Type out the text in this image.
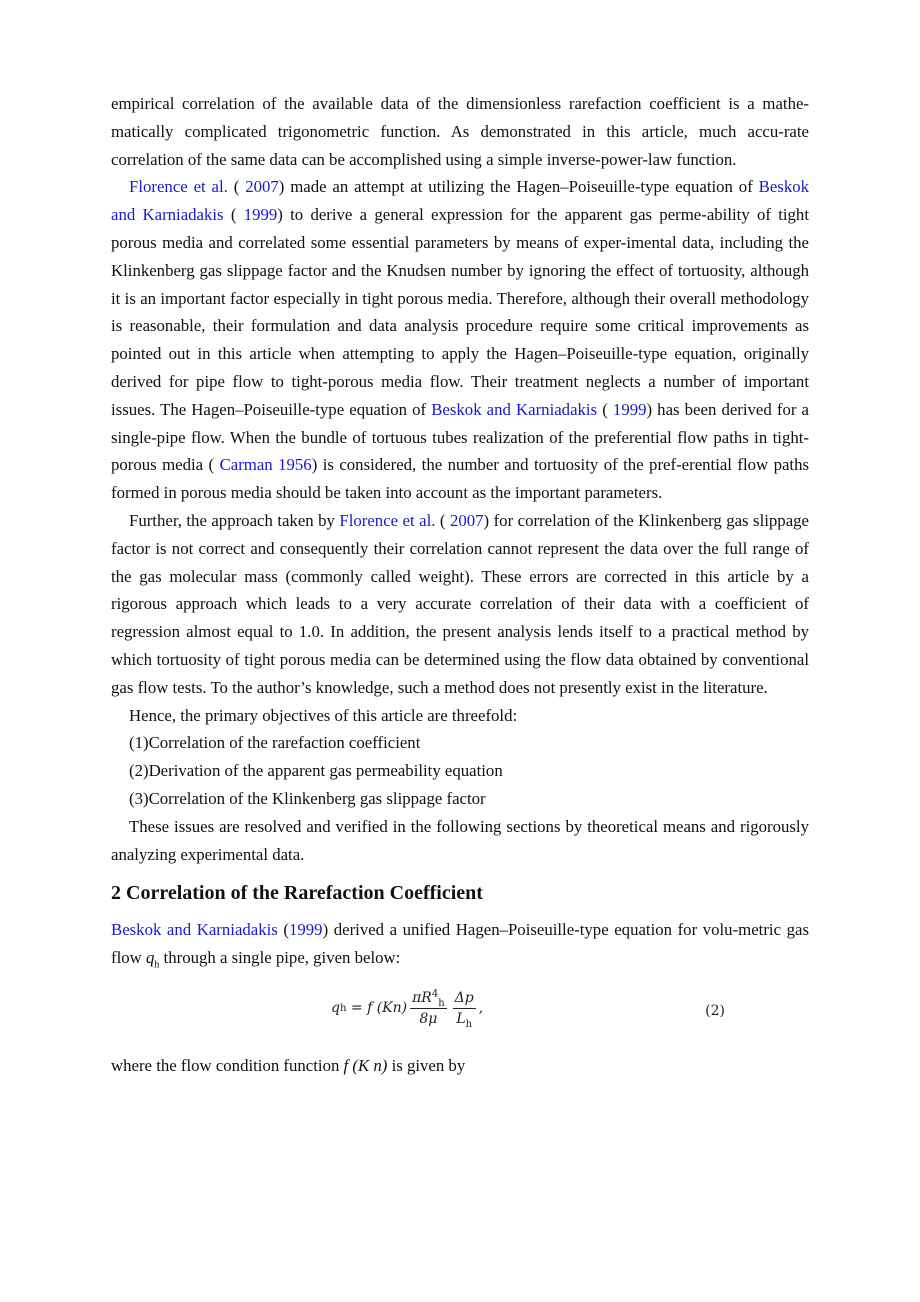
empirical correlation of the available data of the dimensionless rarefaction coefficient is a mathe-matically complicated trigonometric function. As demonstrated in this article, much accu-rate correlation of the same data can be accomplished using a simple inverse-power-law function.

Florence et al. ( 2007) made an attempt at utilizing the Hagen–Poiseuille-type equation of Beskok and Karniadakis ( 1999) to derive a general expression for the apparent gas perme-ability of tight porous media and correlated some essential parameters by means of exper-imental data, including the Klinkenberg gas slippage factor and the Knudsen number by ignoring the effect of tortuosity, although it is an important factor especially in tight porous media. Therefore, although their overall methodology is reasonable, their formulation and data analysis procedure require some critical improvements as pointed out in this article when attempting to apply the Hagen–Poiseuille-type equation, originally derived for pipe flow to tight-porous media flow. Their treatment neglects a number of important issues. The Hagen–Poiseuille-type equation of Beskok and Karniadakis ( 1999) has been derived for a single-pipe flow. When the bundle of tortuous tubes realization of the preferential flow paths in tight-porous media ( Carman 1956) is considered, the number and tortuosity of the pref-erential flow paths formed in porous media should be taken into account as the important parameters.

Further, the approach taken by Florence et al. ( 2007) for correlation of the Klinkenberg gas slippage factor is not correct and consequently their correlation cannot represent the data over the full range of the gas molecular mass (commonly called weight). These errors are corrected in this article by a rigorous approach which leads to a very accurate correlation of their data with a coefficient of regression almost equal to 1.0. In addition, the present analysis lends itself to a practical method by which tortuosity of tight porous media can be determined using the flow data obtained by conventional gas flow tests. To the author’s knowledge, such a method does not presently exist in the literature.

Hence, the primary objectives of this article are threefold:

(1)Correlation of the rarefaction coefficient

(2)Derivation of the apparent gas permeability equation

(3)Correlation of the Klinkenberg gas slippage factor

These issues are resolved and verified in the following sections by theoretical means and rigorously analyzing experimental data.

2 Correlation of the Rarefaction Coefficient

Beskok and Karniadakis (1999) derived a unified Hagen–Poiseuille-type equation for volu-metric gas flow $q_h$ through a single pipe, given below:

q h = f $(Kn) \frac{\pi R^4_h}{8\mu} \frac{\Delta p}{L_h}$ ,	(2)

where the flow condition function f (K n) is given by
